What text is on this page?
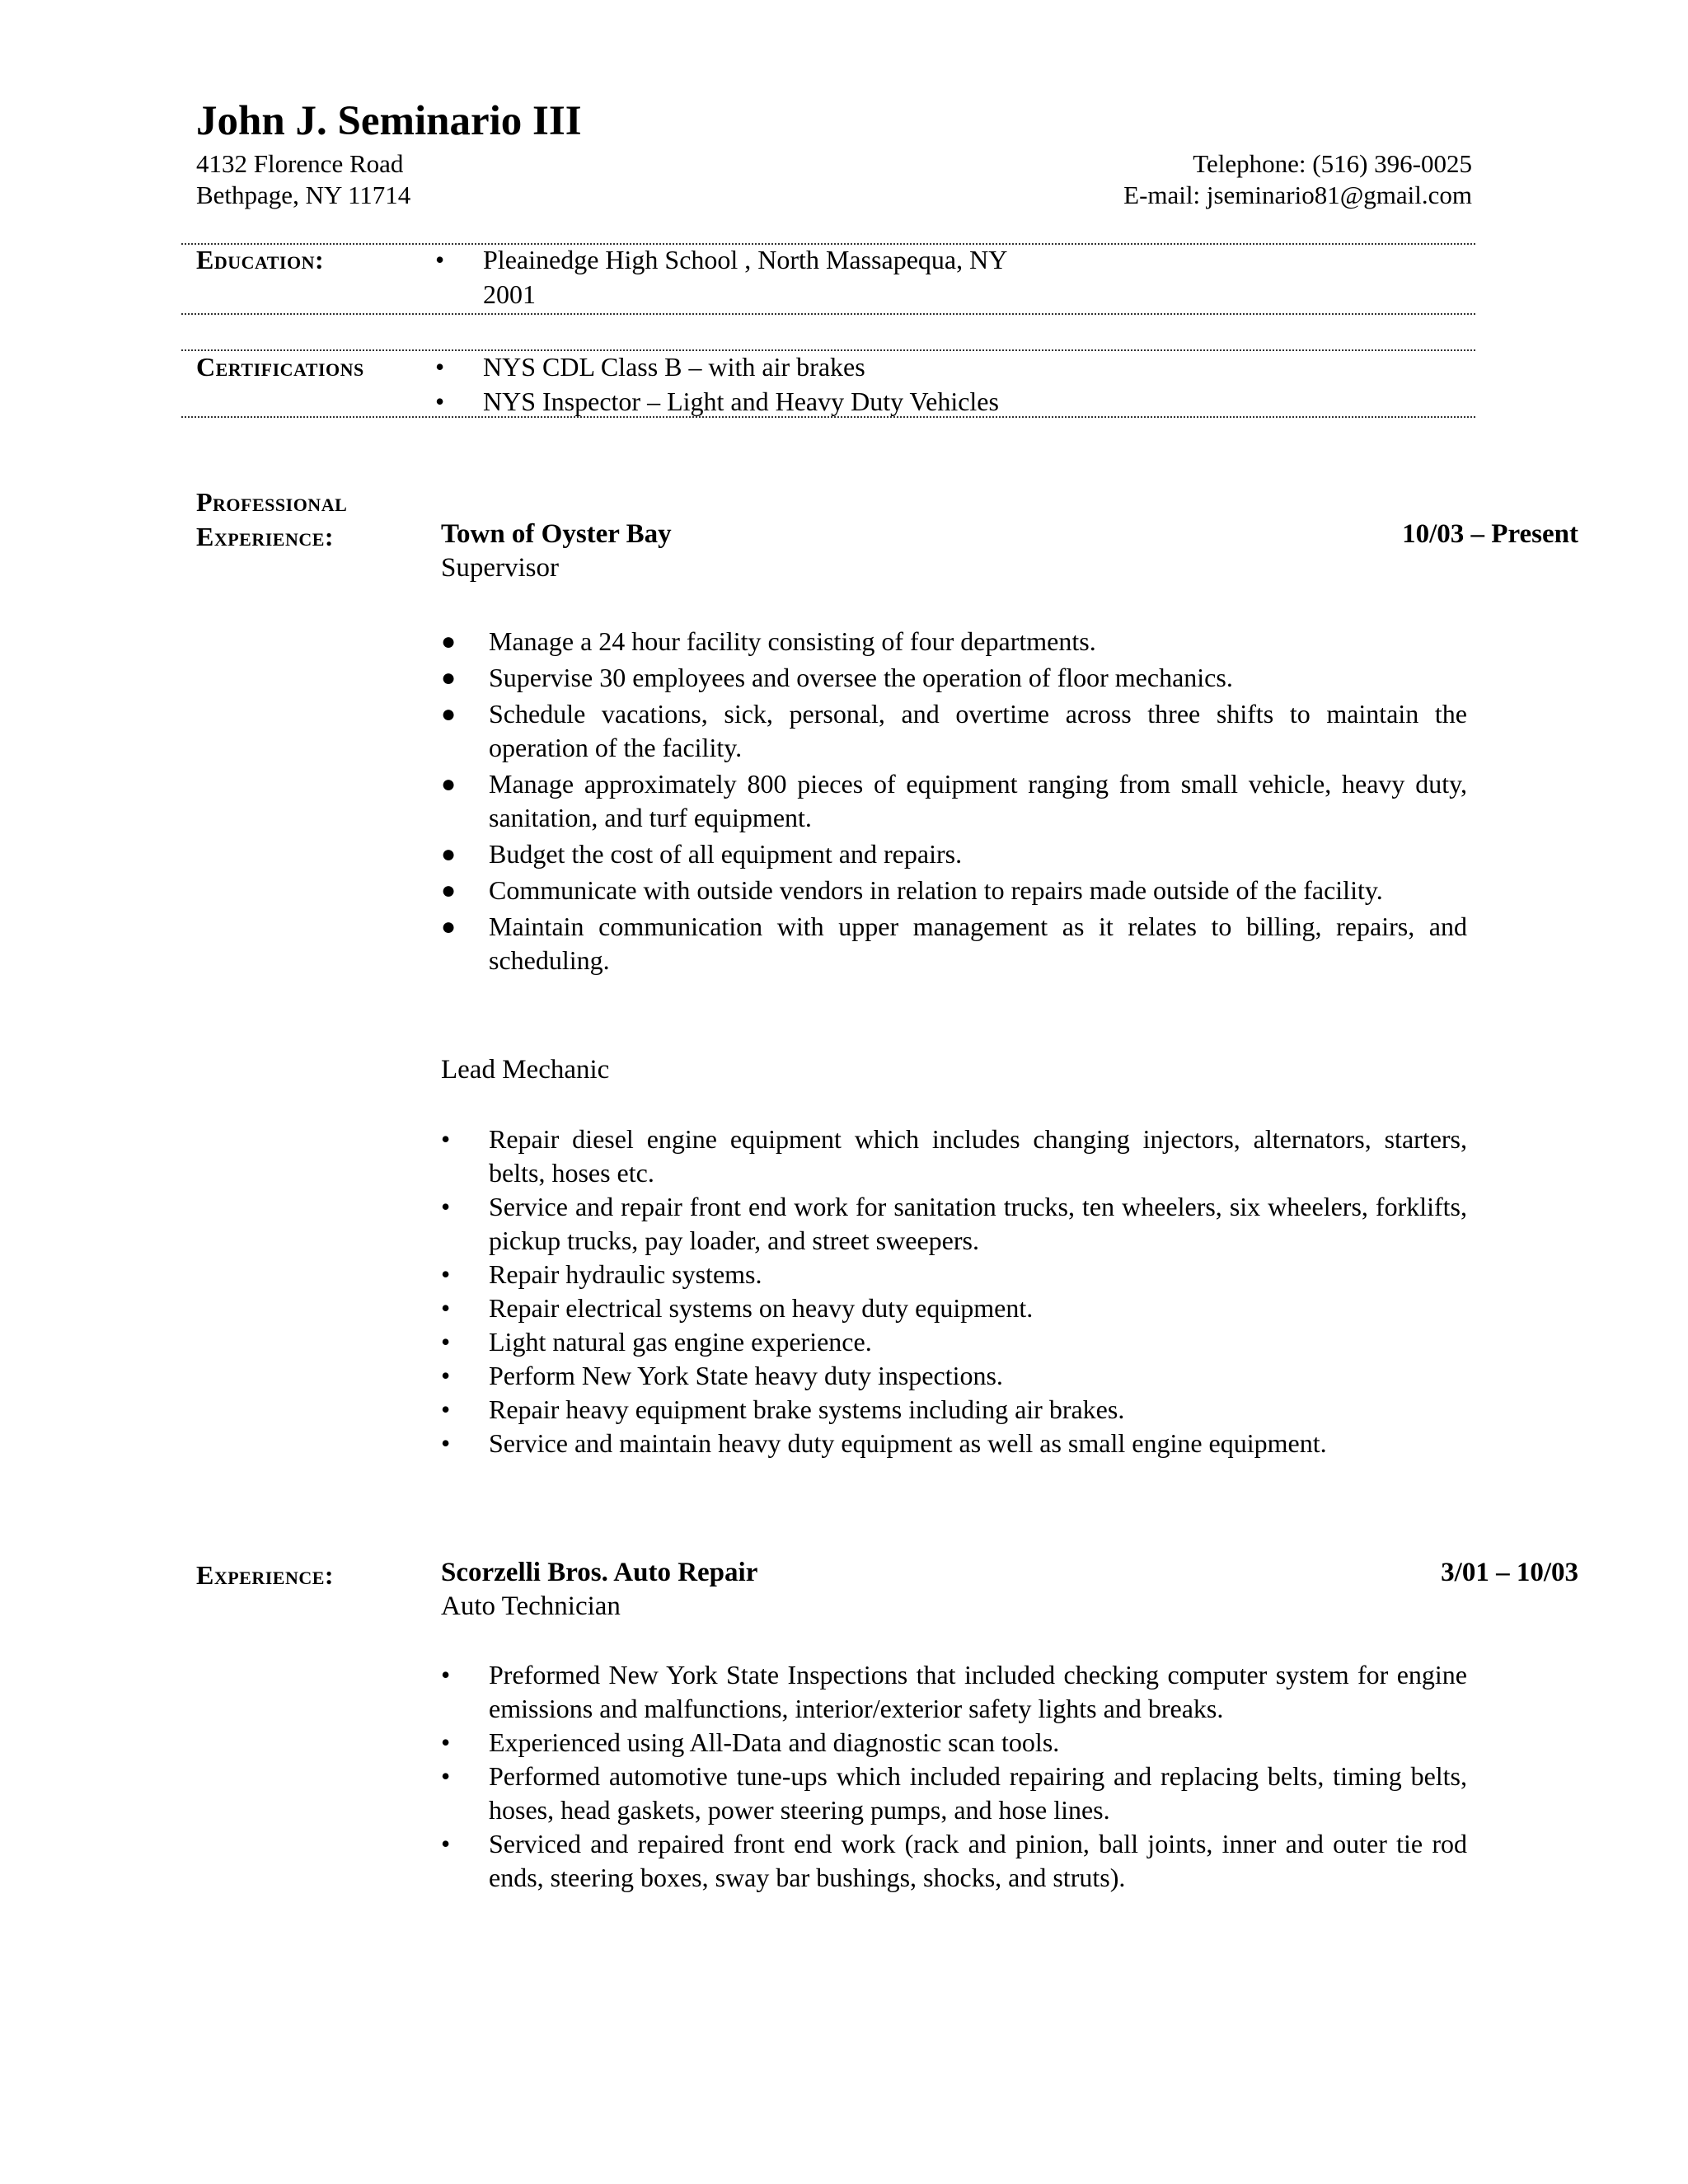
John J. Seminario III
4132 Florence Road
Bethpage, NY 11714
Telephone: (516) 396-0025
E-mail: jseminario81@gmail.com
Education:	• Pleainedge High School , North Massapequa, NY
2001
Certifications	• NYS CDL Class B – with air brakes
• NYS Inspector – Light and Heavy Duty Vehicles
Professional
Experience:	Town of Oyster Bay	10/03 – Present
Supervisor
● Manage a 24 hour facility consisting of four departments.
● Supervise 30 employees and oversee the operation of floor mechanics.
● Schedule vacations, sick, personal, and overtime across three shifts to maintain the operation of the facility.
● Manage approximately 800 pieces of equipment ranging from small vehicle, heavy duty, sanitation, and turf equipment.
● Budget the cost of all equipment and repairs.
● Communicate with outside vendors in relation to repairs made outside of the facility.
● Maintain communication with upper management as it relates to billing, repairs, and scheduling.
Lead Mechanic
• Repair diesel engine equipment which includes changing injectors, alternators, starters, belts, hoses etc.
• Service and repair front end work for sanitation trucks, ten wheelers, six wheelers, forklifts, pickup trucks, pay loader, and street sweepers.
• Repair hydraulic systems.
• Repair electrical systems on heavy duty equipment.
• Light natural gas engine experience.
• Perform New York State heavy duty inspections.
• Repair heavy equipment brake systems including air brakes.
• Service and maintain heavy duty equipment as well as small engine equipment.
Experience:	Scorzelli Bros. Auto Repair	3/01 – 10/03
Auto Technician
• Preformed New York State Inspections that included checking computer system for engine emissions and malfunctions, interior/exterior safety lights and breaks.
• Experienced using All-Data and diagnostic scan tools.
• Performed automotive tune-ups which included repairing and replacing belts, timing belts, hoses, head gaskets, power steering pumps, and hose lines.
• Serviced and repaired front end work (rack and pinion, ball joints, inner and outer tie rod ends, steering boxes, sway bar bushings, shocks, and struts).
